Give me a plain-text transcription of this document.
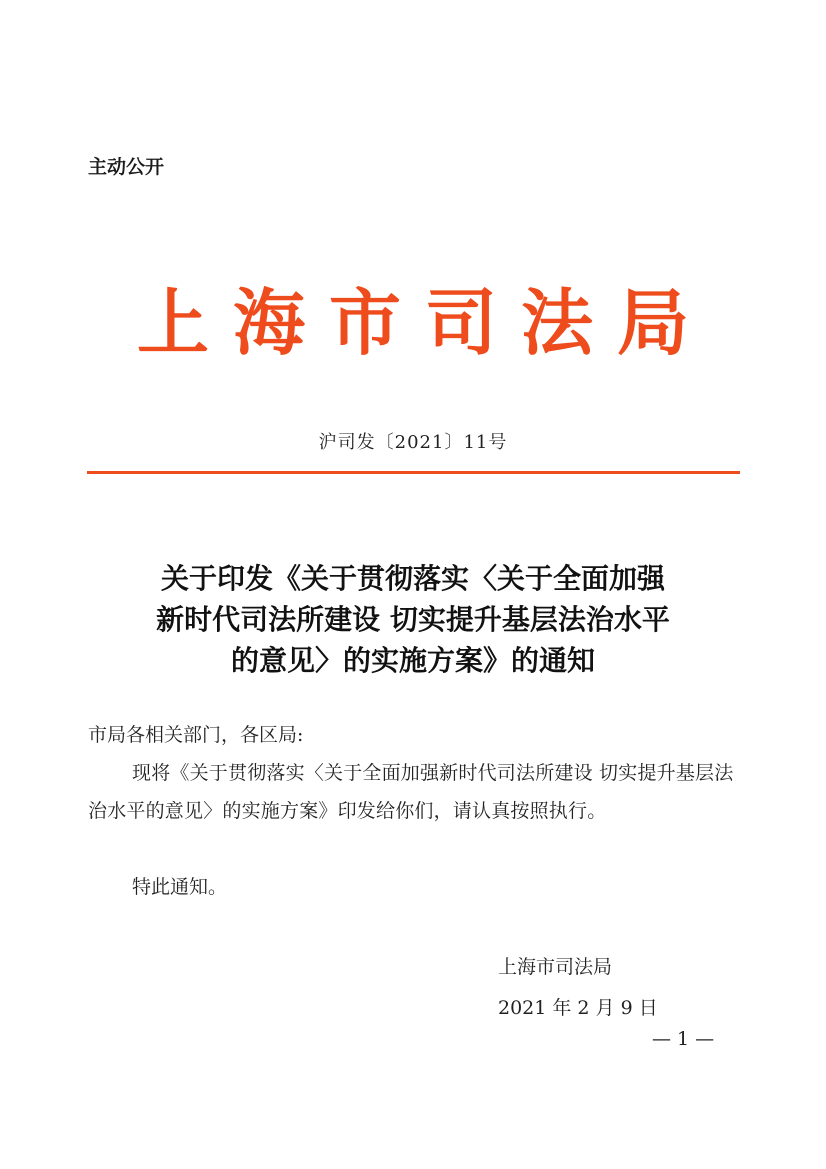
主动公开
上海市司法局
沪司发〔2021〕11号
关于印发《关于贯彻落实〈关于全面加强
新时代司法所建设 切实提升基层法治水平
的意见〉的实施方案》的通知
市局各相关部门，各区局:
现将《关于贯彻落实〈关于全面加强新时代司法所建设 切实提升基层法治水平的意见〉的实施方案》印发给你们，请认真按照执行。
特此通知。
上海市司法局
2021 年 2 月 9 日
— 1 —
